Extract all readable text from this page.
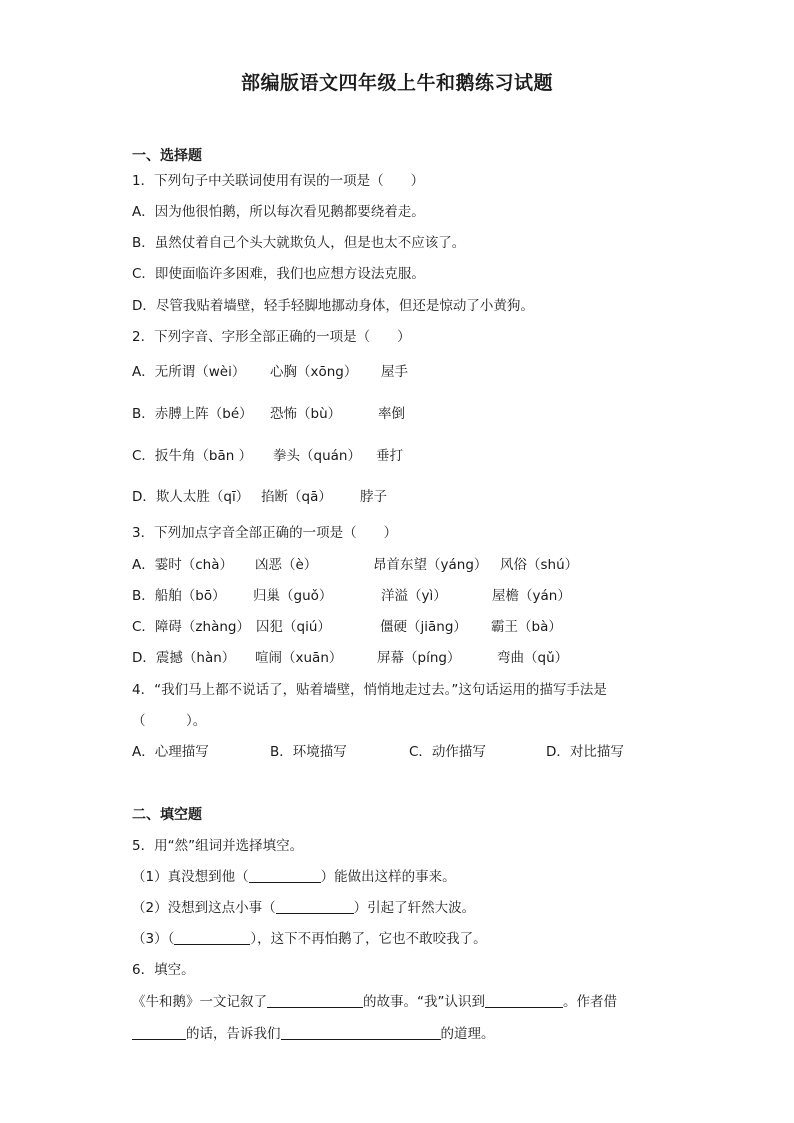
部编版语文四年级上牛和鹅练习试题
一、选择题
1．下列句子中关联词使用有误的一项是（　　）
A．因为他很怕鹅，所以每次看见鹅都要绕着走。
B．虽然仗着自己个头大就欺负人，但是也太不应该了。
C．即使面临许多困难，我们也应想方设法克服。
D．尽管我贴着墙壁，轻手轻脚地挪动身体，但还是惊动了小黄狗。
2．下列字音、字形全部正确的一项是（　　）
A．无所谓（wèi） 心胸（xōng） 屋手
B．赤膊上阵（bé） 恐怖（bù）	率倒
C．扳牛角（bān ） 拳头（quán） 垂打
D．欺人太胜（qī） 掐断（qā） 脖子
3．下列加点字音全部正确的一项是（　　）
A．霎时（chà） 凶恶（è）	昂首东望（yáng） 风俗（shú）
B．船舶（bō） 归巢（guǒ）	洋溢（yì）	屋檐（yán）
C．障碍（zhàng） 囚犯（qiú）	僵硬（jiāng） 霸王（bà）
D．震撼（hàn） 喧闹（xuān）	屏幕（píng）	弯曲（qǔ）
4．“我们马上都不说话了，贴着墙壁，悄悄地走过去。”这句话运用的描写手法是
（　　　）。
A．心理描写	B．环境描写	C．动作描写	D．对比描写
二、填空题
5．用“然”组词并选择填空。
（1）真没想到他（	）能做出这样的事来。
（2）没想到这点小事（	）引起了轩然大波。
（3）（	），这下不再怕鹅了，它也不敢咬我了。
6．填空。
《牛和鹅》一文记叙了	的故事。“我”认识到	。作者借
的话，告诉我们	的道理。
